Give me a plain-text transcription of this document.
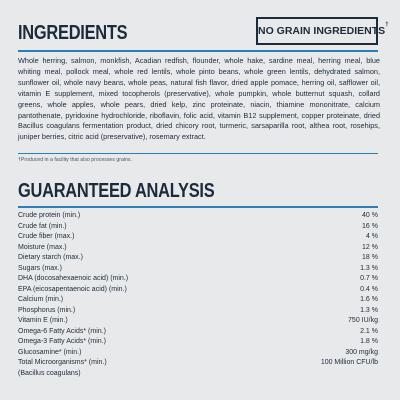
INGREDIENTS	NO GRAIN INGREDIENTS†
Whole herring, salmon, monkfish, Acadian redfish, flounder, whole hake, sardine meal, herring meal, blue whiting meal, pollock meal, whole red lentils, whole pinto beans, whole green lentils, dehydrated salmon, sunflower oil, whole navy beans, whole peas, natural fish flavor, dried apple pomace, herring oil, safflower oil, vitamin E supplement, mixed tocopherols (preservative), whole pumpkin, whole butternut squash, collard greens, whole apples, whole pears, dried kelp, zinc proteinate, niacin, thiamine mononitrate, calcium pantothenate, pyridoxine hydrochloride, riboflavin, folic acid, vitamin B12 supplement, copper proteinate, dried Bacillus coagulans fermentation product, dried chicory root, turmeric, sarsaparilla root, althea root, rosehips, juniper berries, citric acid (preservative), rosemary extract.
†Produced in a facility that also processes grains.
GUARANTEED ANALYSIS
Crude protein (min.)	40 %
Crude fat (min.)	16 %
Crude fiber (max.)	4 %
Moisture (max.)	12 %
Dietary starch (max.)	18 %
Sugars (max.)	1.3 %
DHA (docosahexaenoic acid) (min.)	0.7 %
EPA (eicosapentaenoic acid) (min.)	0.4 %
Calcium (min.)	1.6 %
Phosphorus (min.)	1.3 %
Vitamin E (min.)	750 IU/kg
Omega-6 Fatty Acids* (min.)	2.1 %
Omega-3 Fatty Acids* (min.)	1.8 %
Glucosamine* (min.)	300 mg/kg
Total Microorganisms* (min.)	100 Million CFU/lb
(Bacillus coagulans)
